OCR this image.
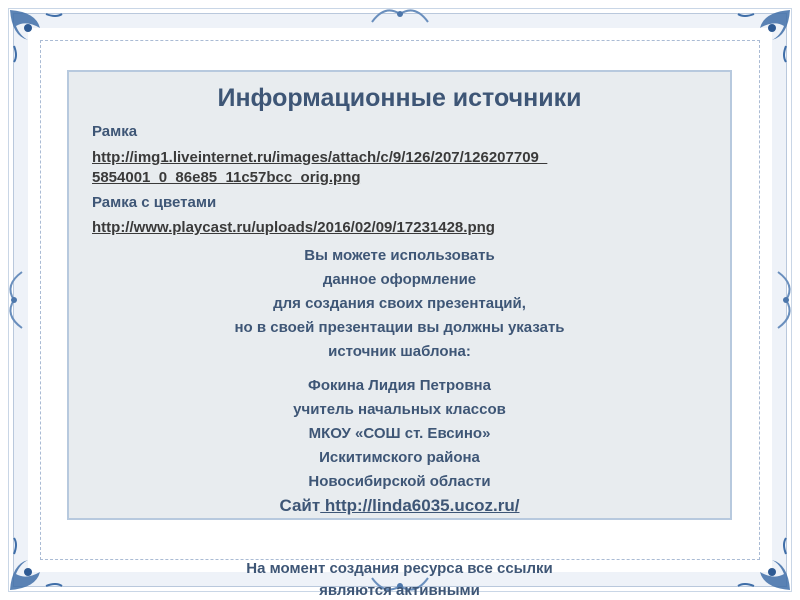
Информационные источники
Рамка
http://img1.liveinternet.ru/images/attach/c/9/126/207/126207709_
5854001_0_86e85_11c57bcc_orig.png
Рамка с цветами
http://www.playcast.ru/uploads/2016/02/09/17231428.png
Вы можете использовать
данное оформление
для создания своих презентаций,
но в своей презентации вы должны указать
источник шаблона:
Фокина Лидия Петровна
учитель начальных классов
МКОУ «СОШ ст. Евсино»
Искитимского района
Новосибирской области
Сайт http://linda6035.ucoz.ru/
На момент создания ресурса все ссылки
являются активными
